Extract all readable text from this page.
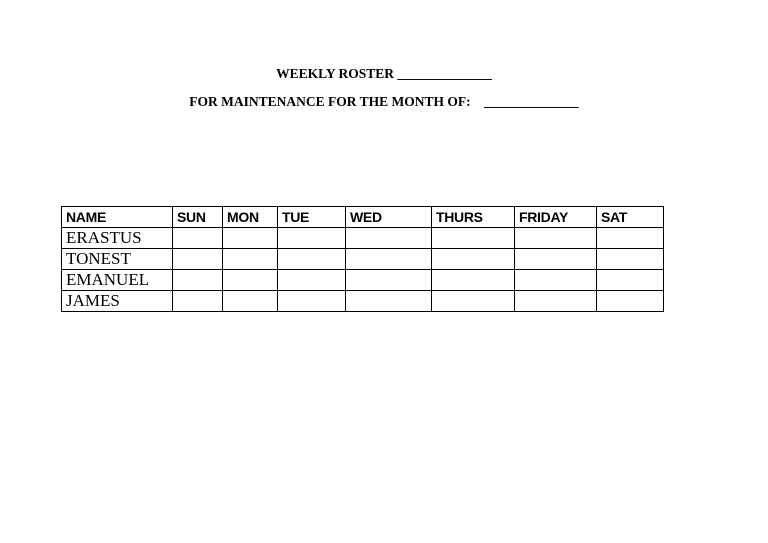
WEEKLY ROSTER ______________
FOR MAINTENANCE FOR THE MONTH OF:    ______________
NAME	SUN	MON	TUE	WED	THURS	FRIDAY	SAT
ERASTUS							
TONEST							
EMANUEL							
JAMES							
